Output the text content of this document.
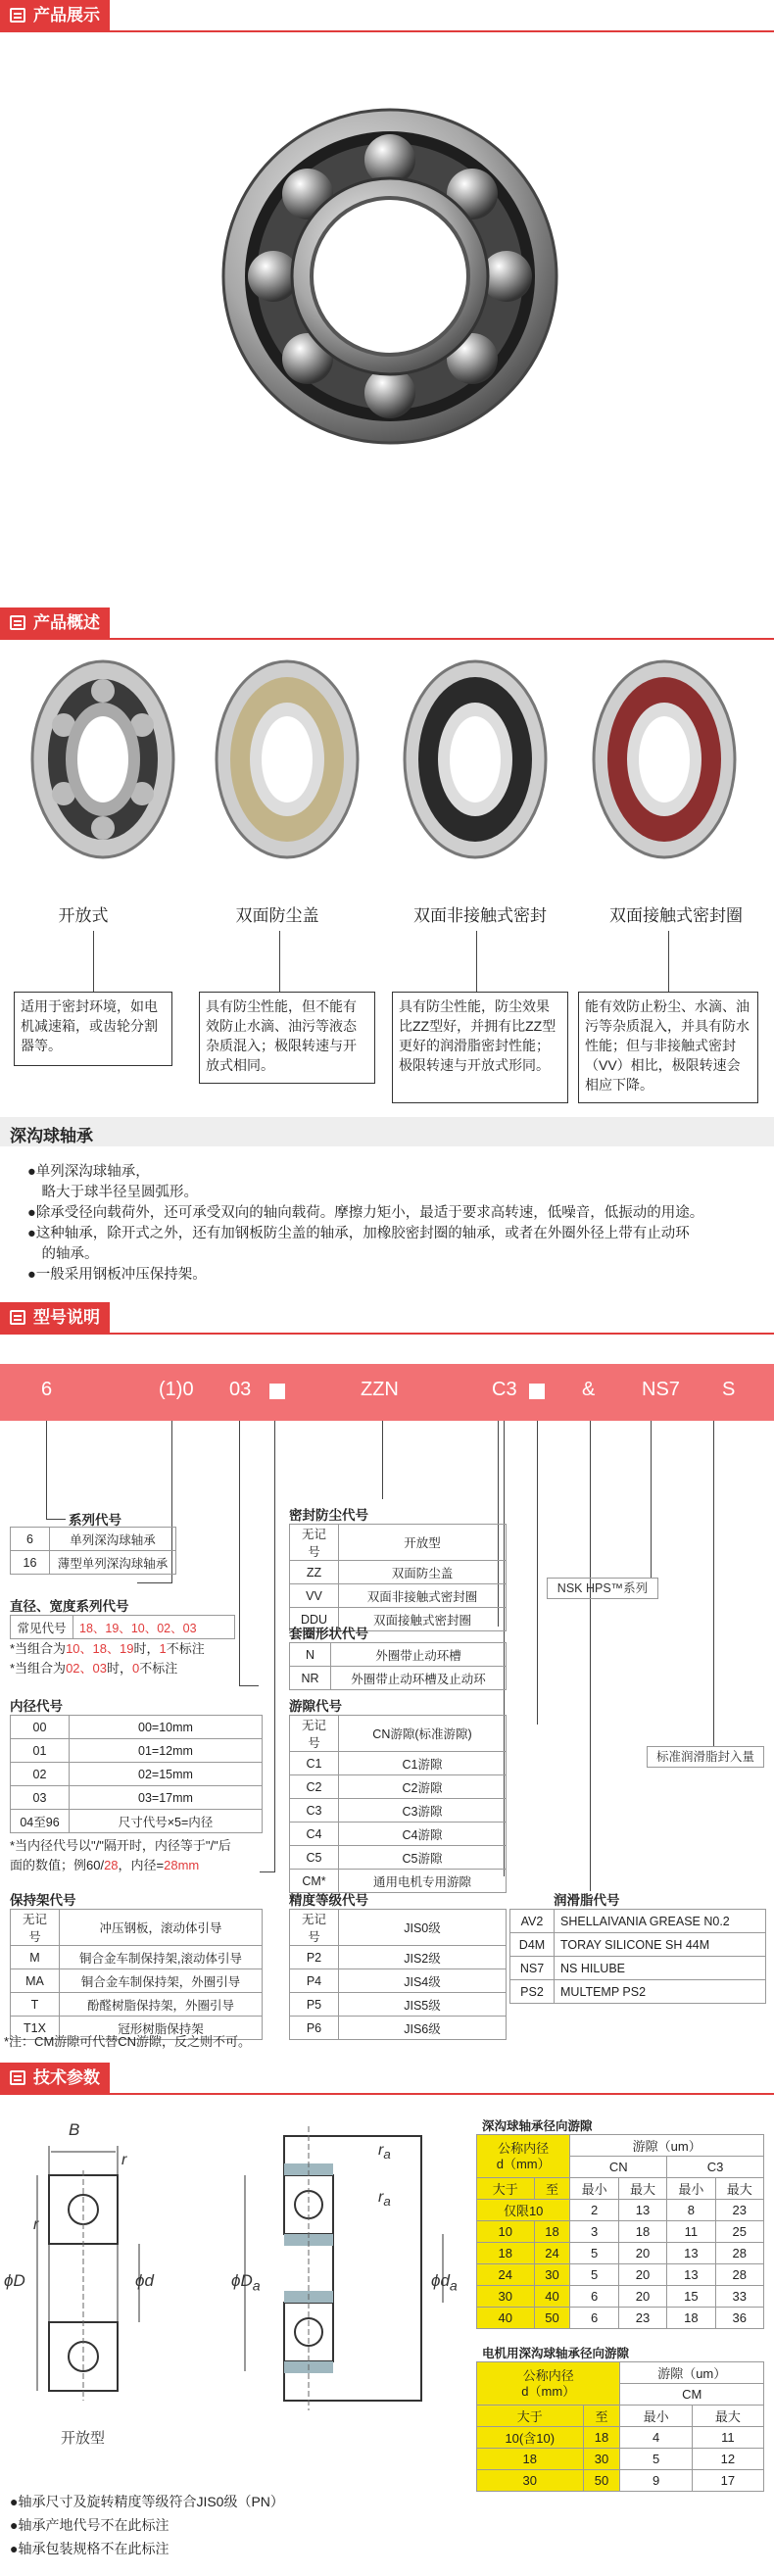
产品展示
产品概述
开放式	双面防尘盖	双面非接触式密封	双面接触式密封圈
适用于密封环境，如电机减速箱，或齿轮分割器等。
具有防尘性能，但不能有效防止水滴、油污等液态杂质混入；极限转速与开放式相同。
具有防尘性能，防尘效果比ZZ型好，并拥有比ZZ型更好的润滑脂密封性能；极限转速与开放式形同。
能有效防止粉尘、水滴、油污等杂质混入，并具有防水性能；但与非接触式密封（VV）相比，极限转速会相应下降。
深沟球轴承
●单列深沟球轴承，
　略大于球半径呈圆弧形。
●除承受径向载荷外，还可承受双向的轴向载荷。摩擦力矩小，最适于要求高转速，低噪音，低振动的用途。
●这种轴承，除开式之外，还有加钢板防尘盖的轴承，加橡胶密封圈的轴承，或者在外圈外径上带有止动环
　的轴承。
●一般采用钢板冲压保持架。
型号说明
6	(1)0 03	ZZN	C3	& NS7 S
系列代号
6	单列深沟球轴承
16	薄型单列深沟球轴承
直径、宽度系列代号
常见代号	18、19、10、02、03
*当组合为10、18、19时，1不标注
*当组合为02、03时，0不标注
内径代号
00	00=10mm
01	01=12mm
02	02=15mm
03	03=17mm
04至96	尺寸代号×5=内径
*当内径代号以"/"隔开时，内径等于"/"后
面的数值；例60/28，内径=28mm
保持架代号
无记号	冲压钢板，滚动体引导
M	铜合金车制保持架,滚动体引导
MA	铜合金车制保持架，外圈引导
T	酚醛树脂保持架，外圈引导
T1X	冠形树脂保持架
*注：CM游隙可代替CN游隙，反之则不可。
密封防尘代号
无记号	开放型
ZZ	双面防尘盖
VV	双面非接触式密封圈
DDU	双面接触式密封圈
套圈形状代号
N	外圈带止动环槽
NR	外圈带止动环槽及止动环
游隙代号
无记号	CN游隙(标准游隙)
C1	C1游隙
C2	C2游隙
C3	C3游隙
C4	C4游隙
C5	C5游隙
CM*	通用电机专用游隙
精度等级代号
无记号	JIS0级
P2	JIS2级
P4	JIS4级
P5	JIS5级
P6	JIS6级
润滑脂代号
AV2	SHELLAIVANIA GREASE N0.2
D4M	TORAY SILICONE SH 44M
NS7	NS HILUBE
PS2	MULTEMP PS2
NSK HPS™系列
标准润滑脂封入量
技术参数
B
r
r
ϕD	ϕd
开放型
$r_a$
$r_a$
$\phi D_a$	$\phi d_a$
深沟球轴承径向游隙
公称内径
d（mm）		游隙（um）			
		CN		C3	
大于	至	最小	最大	最小	最大
仅限10		2	13	8	23
10	18	3	18	11	25
18	24	5	20	13	28
24	30	5	20	13	28
30	40	6	20	15	33
40	50	6	23	18	36
电机用深沟球轴承径向游隙
公称内径
d（mm）		游隙（um）	
		CM	
大于	至	最小	最大
10(含10)	18	4	11
18	30	5	12
30	50	9	17
●轴承尺寸及旋转精度等级符合JIS0级（PN）
●轴承产地代号不在此标注
●轴承包装规格不在此标注
